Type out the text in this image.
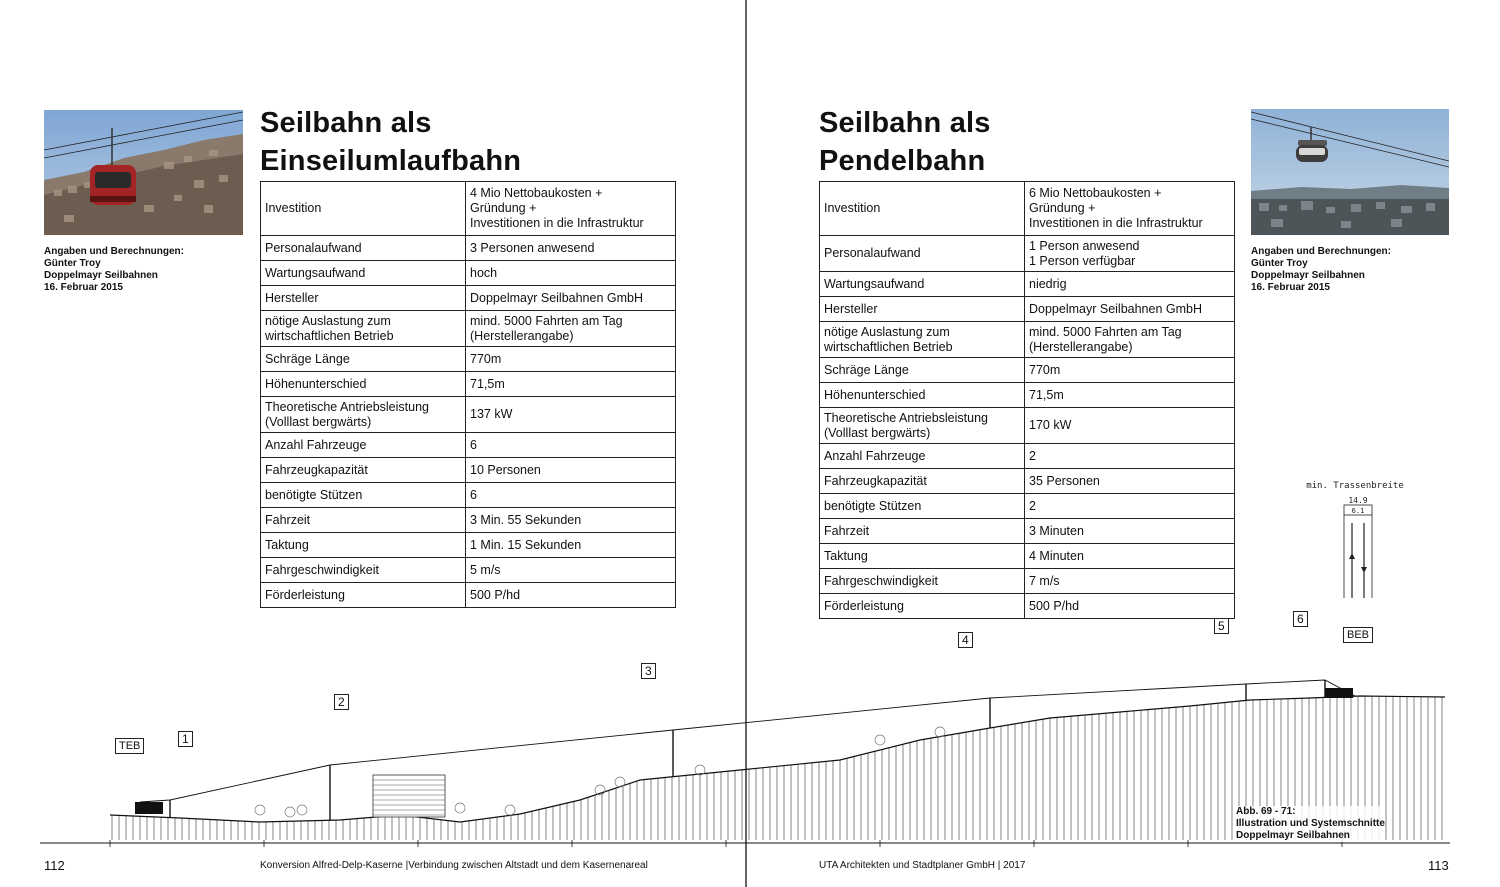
Angaben und Berechnungen:
Günter Troy
Doppelmayr Seilbahnen
16. Februar 2015
Seilbahn als
Einseilumlaufbahn
Investition	4 Mio Nettobaukosten +
Gründung +
Investitionen in die Infrastruktur

Personalaufwand	3 Personen anwesend

Wartungsaufwand	hoch

Hersteller	Doppelmayr Seilbahnen GmbH

nötige Auslastung zum
wirtschaftlichen Betrieb	mind. 5000 Fahrten am Tag
(Herstellerangabe)

Schräge Länge	770m

Höhenunterschied	71,5m

Theoretische Antriebsleistung
(Volllast bergwärts)	137 kW

Anzahl Fahrzeuge	6

Fahrzeugkapazität	10 Personen

benötigte Stützen	6

Fahrzeit	3 Min. 55 Sekunden

Taktung	1 Min. 15 Sekunden

Fahrgeschwindigkeit	5 m/s

Förderleistung	500 P/hd
Angaben und Berechnungen:
Günter Troy
Doppelmayr Seilbahnen
16. Februar 2015
Seilbahn als
Pendelbahn
Investition	6 Mio Nettobaukosten +
Gründung +
Investitionen in die Infrastruktur

Personalaufwand	1 Person anwesend
1 Person verfügbar

Wartungsaufwand	niedrig

Hersteller	Doppelmayr Seilbahnen GmbH

nötige Auslastung zum
wirtschaftlichen Betrieb	mind. 5000 Fahrten am Tag
(Herstellerangabe)

Schräge Länge	770m

Höhenunterschied	71,5m

Theoretische Antriebsleistung
(Volllast bergwärts)	170 kW

Anzahl Fahrzeuge	2

Fahrzeugkapazität	35 Personen

benötigte Stützen	2

Fahrzeit	3 Minuten

Taktung	4 Minuten

Fahrgeschwindigkeit	7 m/s

Förderleistung	500 P/hd
TEB
BEB
1
2
3
4
5	6
min. Trassenbreite
14.9
6.1
Abb. 69 - 71:
Illustration und Systemschnitte
Doppelmayr Seilbahnen
112	Konversion Alfred-Delp-Kaserne |Verbindung zwischen Altstadt und dem Kasernenareal	UTA Architekten und Stadtplaner GmbH | 2017	113
